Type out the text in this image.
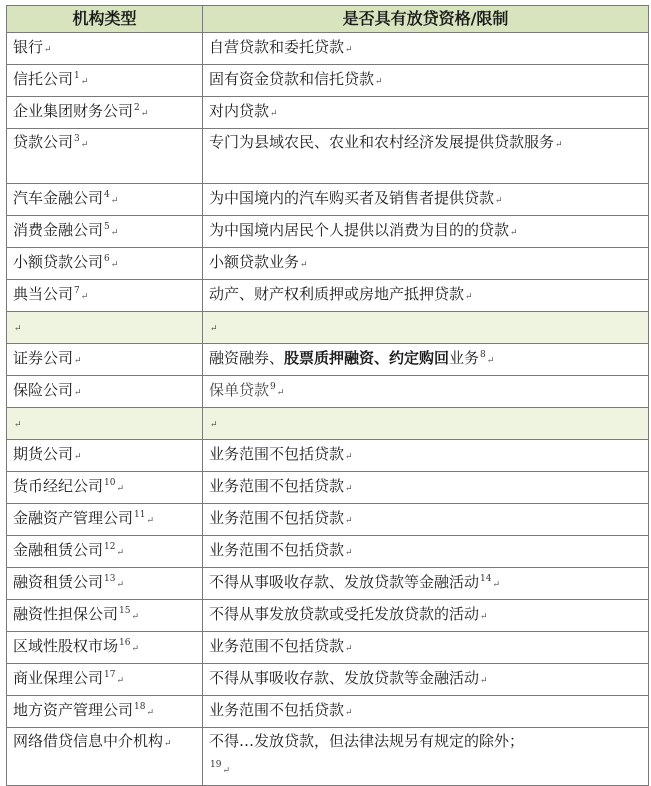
机构类型	是否具有放贷资格/限制
银行↵	自营贷款和委托贷款↵
信托公司$^1$↵	固有资金贷款和信托贷款↵
企业集团财务公司$^2$↵	对内贷款↵
贷款公司$^3$↵	专门为县域农民、农业和农村经济发展提供贷款服务↵
汽车金融公司$^4$↵	为中国境内的汽车购买者及销售者提供贷款↵
消费金融公司$^5$↵	为中国境内居民个人提供以消费为目的的贷款↵
小额贷款公司$^6$↵	小额贷款业务↵
典当公司$^7$↵	动产、财产权利质押或房地产抵押贷款↵
↵	↵
证券公司↵	融资融券、股票质押融资、约定购回业务$^8$↵
保险公司↵	保单贷款$^9$↵
↵	↵
期货公司↵	业务范围不包括贷款↵
货币经纪公司$^{10}$↵	业务范围不包括贷款↵
金融资产管理公司$^{11}$↵	业务范围不包括贷款↵
金融租赁公司$^{12}$↵	业务范围不包括贷款↵
融资租赁公司$^{13}$↵	不得从事吸收存款、发放贷款等金融活动$^{14}$↵
融资性担保公司$^{15}$↵	不得从事发放贷款或受托发放贷款的活动↵
区域性股权市场$^{16}$↵	业务范围不包括贷款↵
商业保理公司$^{17}$↵	不得从事吸收存款、发放贷款等金融活动↵
地方资产管理公司$^{18}$↵	业务范围不包括贷款↵
网络借贷信息中介机构↵	不得…发放贷款，但法律法规另有规定的除外；
$^{19}$↵
